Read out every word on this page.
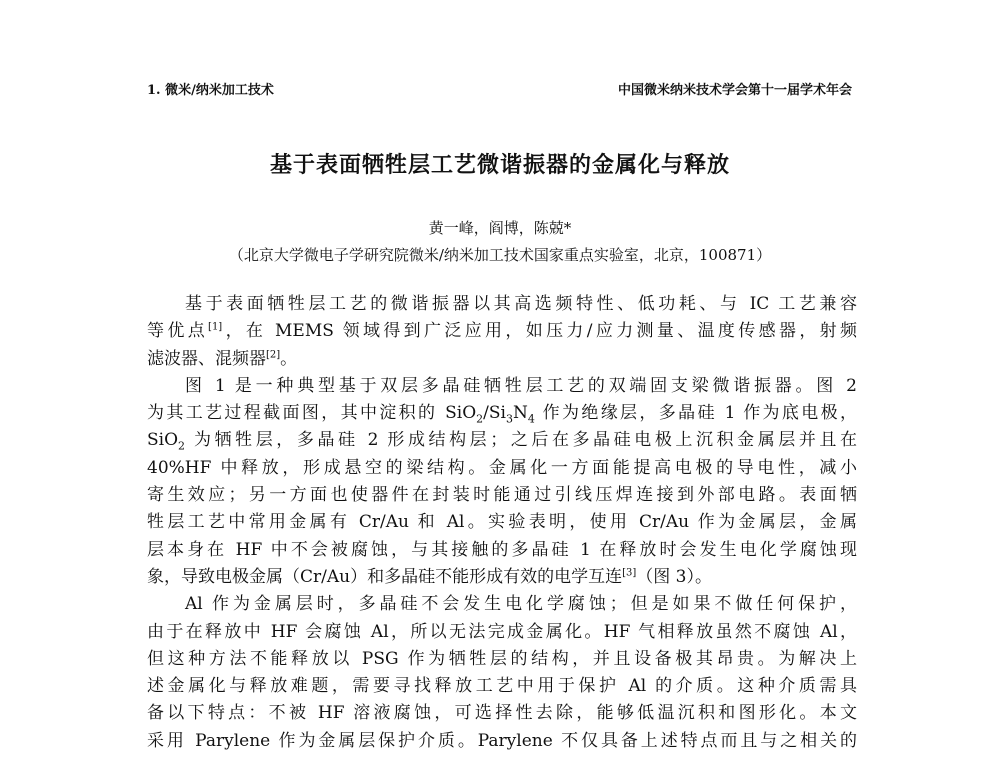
1. 微米/纳米加工技术	中国微米纳米技术学会第十一届学术年会
基于表面牺牲层工艺微谐振器的金属化与释放
黄一峰，阎博，陈兢*
（北京大学微电子学研究院微米/纳米加工技术国家重点实验室，北京，100871）
基于表面牺牲层工艺的微谐振器以其高选频特性、低功耗、与 IC 工艺兼容
等优点[1]，在 MEMS 领域得到广泛应用，如压力/应力测量、温度传感器，射频
滤波器、混频器[2]。
图 1 是一种典型基于双层多晶硅牺牲层工艺的双端固支梁微谐振器。图 2
为其工艺过程截面图，其中淀积的 $SiO_2/Si_3N_4$ 作为绝缘层，多晶硅 1 作为底电极，
SiO$_2$ 为牺牲层，多晶硅 2 形成结构层；之后在多晶硅电极上沉积金属层并且在
40%HF 中释放，形成悬空的梁结构。金属化一方面能提高电极的导电性，减小
寄生效应；另一方面也使器件在封装时能通过引线压焊连接到外部电路。表面牺
牲层工艺中常用金属有 Cr/Au 和 Al。实验表明，使用 Cr/Au 作为金属层，金属
层本身在 HF 中不会被腐蚀，与其接触的多晶硅 1 在释放时会发生电化学腐蚀现
象，导致电极金属（Cr/Au）和多晶硅不能形成有效的电学互连[3]（图 3）。
Al 作为金属层时，多晶硅不会发生电化学腐蚀；但是如果不做任何保护，
由于在释放中 HF 会腐蚀 Al，所以无法完成金属化。HF 气相释放虽然不腐蚀 Al，
但这种方法不能释放以 PSG 作为牺牲层的结构，并且设备极其昂贵。为解决上
述金属化与释放难题，需要寻找释放工艺中用于保护 Al 的介质。这种介质需具
备以下特点：不被 HF 溶液腐蚀，可选择性去除，能够低温沉积和图形化。本文
采用 Parylene 作为金属层保护介质。Parylene 不仅具备上述特点而且与之相关的
